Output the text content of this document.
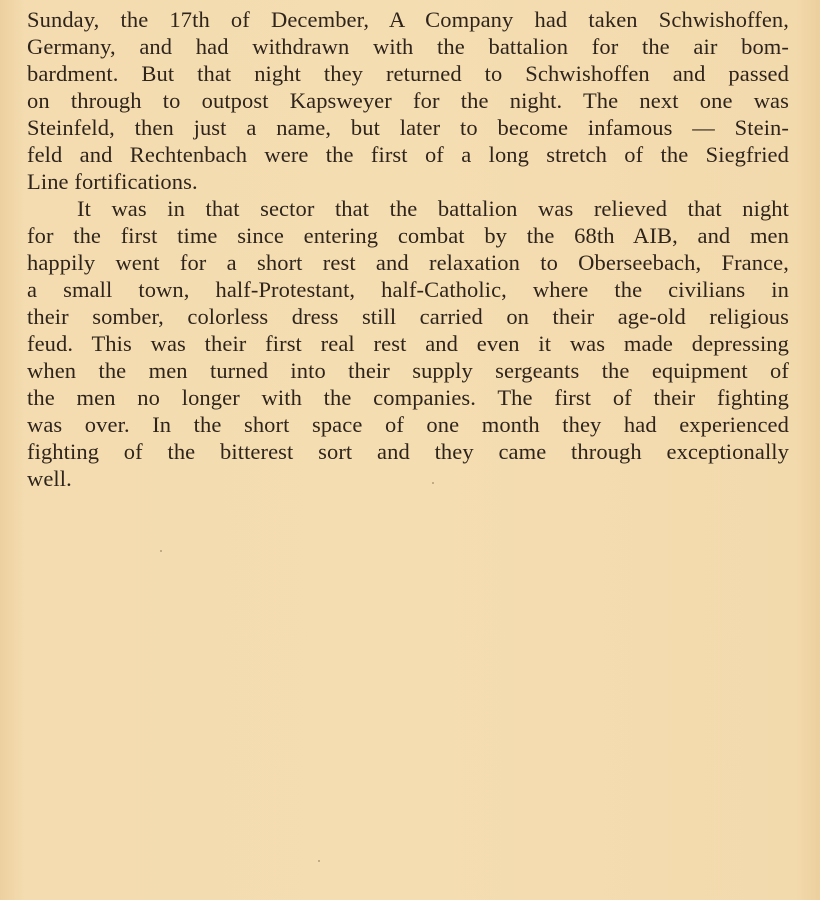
Sunday, the 17th of December, A Company had taken Schwishoffen,
Germany, and had withdrawn with the battalion for the air bom-
bardment. But that night they returned to Schwishoffen and passed
on through to outpost Kapsweyer for the night. The next one was
Steinfeld, then just a name, but later to become infamous — Stein-
feld and Rechtenbach were the first of a long stretch of the Siegfried
Line fortifications.

It was in that sector that the battalion was relieved that night
for the first time since entering combat by the 68th AIB, and men
happily went for a short rest and relaxation to Oberseebach, France,
a small town, half-Protestant, half-Catholic, where the civilians in
their somber, colorless dress still carried on their age-old religious
feud. This was their first real rest and even it was made depressing
when the men turned into their supply sergeants the equipment of
the men no longer with the companies. The first of their fighting
was over. In the short space of one month they had experienced
fighting of the bitterest sort and they came through exceptionally
well.
